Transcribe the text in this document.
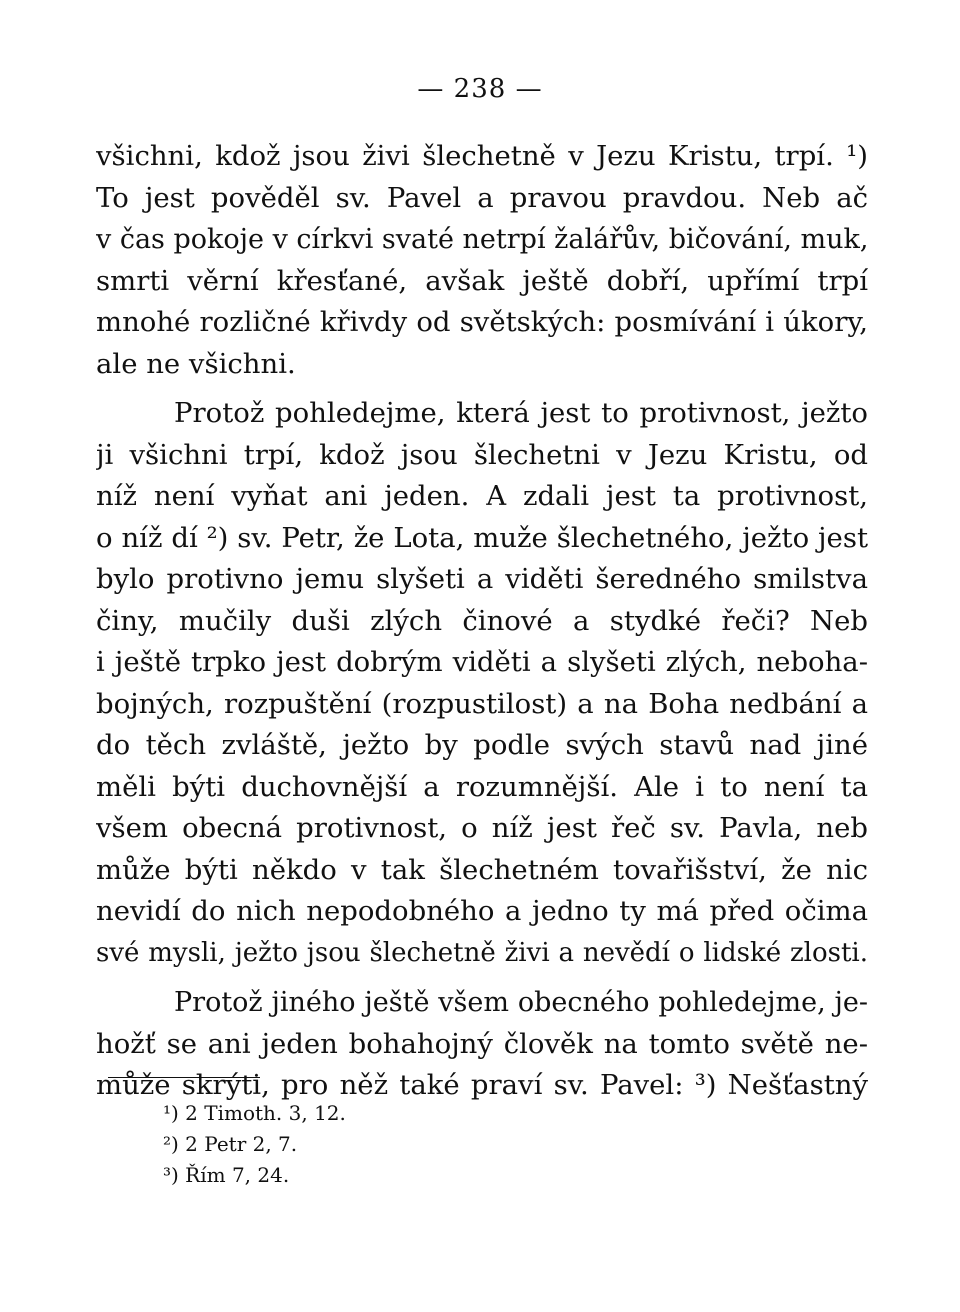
— 238 —
všichni, kdož jsou živi šlechetně v Jezu Kristu, trpí. ¹)
To jest pověděl sv. Pavel a pravou pravdou. Neb ač
v čas pokoje v církvi svaté netrpí žalářův, bičování, muk,
smrti věrní křesťané, avšak ještě dobří, upřímí trpí
mnohé rozličné křivdy od světských: posmívání i úkory,
ale ne všichni.
Protož pohledejme, která jest to protivnost, ježto
ji všichni trpí, kdož jsou šlechetni v Jezu Kristu, od
níž není vyňat ani jeden. A zdali jest ta protivnost,
o níž dí ²) sv. Petr, že Lota, muže šlechetného, ježto jest
bylo protivno jemu slyšeti a viděti šeredného smilstva
činy, mučily duši zlých činové a stydké řeči? Neb
i ještě trpko jest dobrým viděti a slyšeti zlých, neboha-
bojných, rozpuštění (rozpustilost) a na Boha nedbání a
do těch zvláště, ježto by podle svých stavů nad jiné
měli býti duchovnější a rozumnější. Ale i to není ta
všem obecná protivnost, o níž jest řeč sv. Pavla, neb
může býti někdo v tak šlechetném tovařišství, že nic
nevidí do nich nepodobného a jedno ty má před očima
své mysli, ježto jsou šlechetně živi a nevědí o lidské zlosti.
Protož jiného ještě všem obecného pohledejme, je-
hožť se ani jeden bohahojný člověk na tomto světě ne-
může skrýti, pro něž také praví sv. Pavel: ³) Nešťastný
¹) 2 Timoth. 3, 12.
²) 2 Petr 2, 7.
³) Řím 7, 24.
